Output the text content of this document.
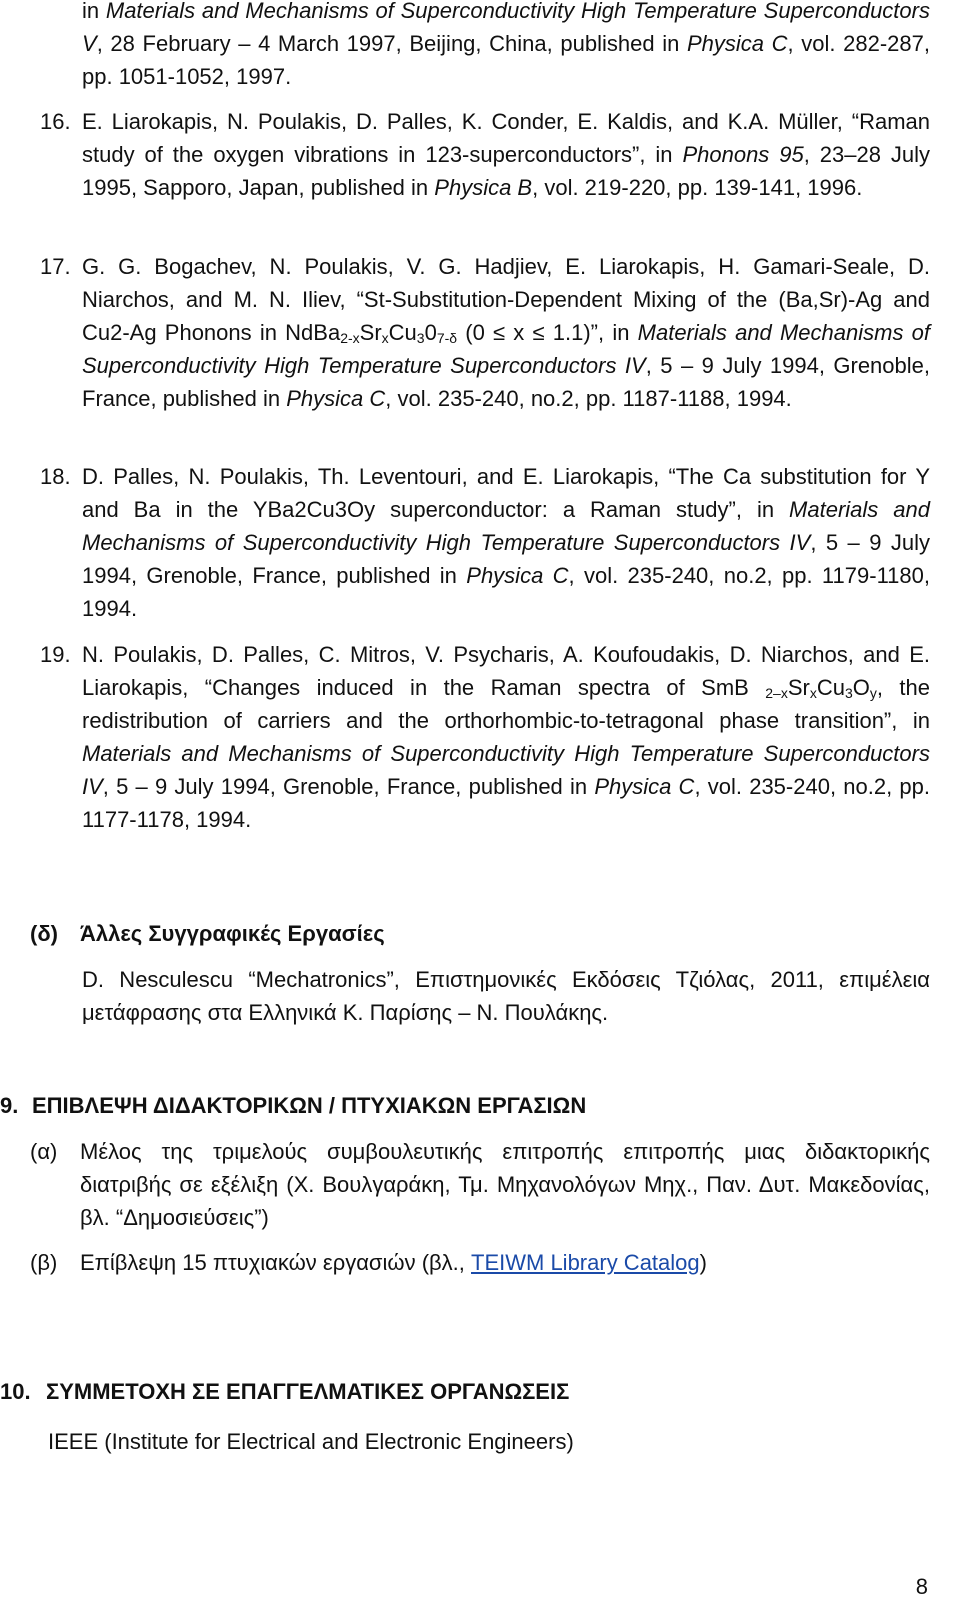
in Materials and Mechanisms of Superconductivity High Temperature Superconductors V, 28 February – 4 March 1997, Beijing, China, published in Physica C, vol. 282-287, pp. 1051-1052, 1997.
16. E. Liarokapis, N. Poulakis, D. Palles, K. Conder, E. Kaldis, and K.A. Müller, “Raman study of the oxygen vibrations in 123-superconductors”, in Phonons 95, 23–28 July 1995, Sapporo, Japan, published in Physica B, vol. 219-220, pp. 139-141, 1996.
17. G. G. Bogachev, N. Poulakis, V. G. Hadjiev, E. Liarokapis, H. Gamari-Seale, D. Niarchos, and M. N. Iliev, “St-Substitution-Dependent Mixing of the (Ba,Sr)-Ag and Cu2-Ag Phonons in $NdBa_{2-x}Sr_xCu_30_{7-\delta}$ (0 ≤ x ≤ 1.1)”, in Materials and Mechanisms of Superconductivity High Temperature Superconductors IV, 5 – 9 July 1994, Grenoble, France, published in Physica C, vol. 235-240, no.2, pp. 1187-1188, 1994.
18. D. Palles, N. Poulakis, Th. Leventouri, and E. Liarokapis, “The Ca substitution for Y and Ba in the YBa2Cu3Oy superconductor: a Raman study”, in Materials and Mechanisms of Superconductivity High Temperature Superconductors IV, 5 – 9 July 1994, Grenoble, France, published in Physica C, vol. 235-240, no.2, pp. 1179-1180, 1994.
19. N. Poulakis, D. Palles, C. Mitros, V. Psycharis, A. Koufoudakis, D. Niarchos, and E. Liarokapis, “Changes induced in the Raman spectra of SmB $_{2-x}Sr_xCu_3O_y$, the redistribution of carriers and the orthorhombic-to-tetragonal phase transition”, in Materials and Mechanisms of Superconductivity High Temperature Superconductors IV, 5 – 9 July 1994, Grenoble, France, published in Physica C, vol. 235-240, no.2, pp. 1177-1178, 1994.
(δ) Άλλες Συγγραφικές Εργασίες
D. Nesculescu “Mechatronics”, Επιστημονικές Εκδόσεις Τζιόλας, 2011, επιμέλεια μετάφρασης στα Ελληνικά Κ. Παρίσης – Ν. Πουλάκης.
9. ΕΠΙΒΛΕΨΗ ΔΙΔΑΚΤΟΡΙΚΩΝ / ΠΤΥΧΙΑΚΩΝ ΕΡΓΑΣΙΩΝ
(α) Μέλος της τριμελούς συμβουλευτικής επιτροπής επιτροπής μιας διδακτορικής διατριβής σε εξέλιξη (Χ. Βουλγαράκη, Τμ. Μηχανολόγων Μηχ., Παν. Δυτ. Μακεδονίας, βλ. “Δημοσιεύσεις”)
(β) Επίβλεψη 15 πτυχιακών εργασιών (βλ., TEIWM Library Catalog)
10. ΣΥΜΜΕΤΟΧΗ ΣΕ ΕΠΑΓΓΕΛΜΑΤΙΚΕΣ ΟΡΓΑΝΩΣΕΙΣ
IEEE (Institute for Electrical and Electronic Engineers)
8
